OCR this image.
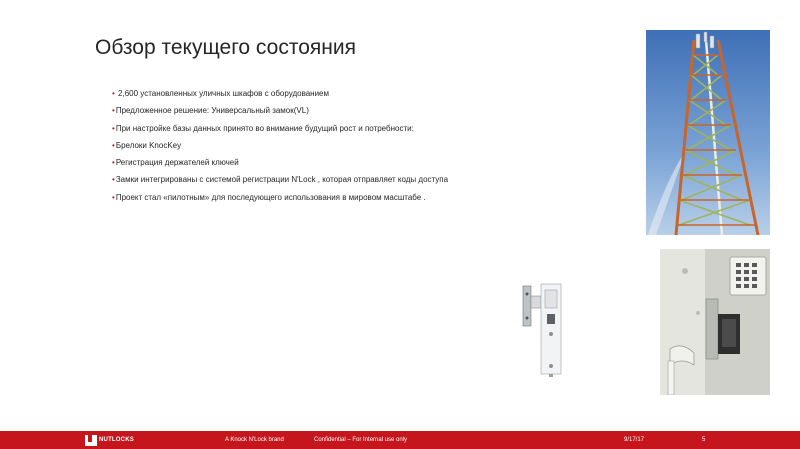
Обзор текущего состояния
• 2,600 установленных уличных шкафов с оборудованием
•Предложенное решение: Универсальный замок(VL)
•При настройке базы данных принято во внимание будущий рост и потребности:
•Брелоки KnocKey
•Регистрация держателей ключей
•Замки интегрированы с системой регистрации N'Lock , которая отправляет коды доступа
•Проект стал «пилотным» для последующего использования в мировом масштабе .
NUTLOCKS	A Knock N'Lock brand	Confidential – For Internal use only	9/17/17	5
